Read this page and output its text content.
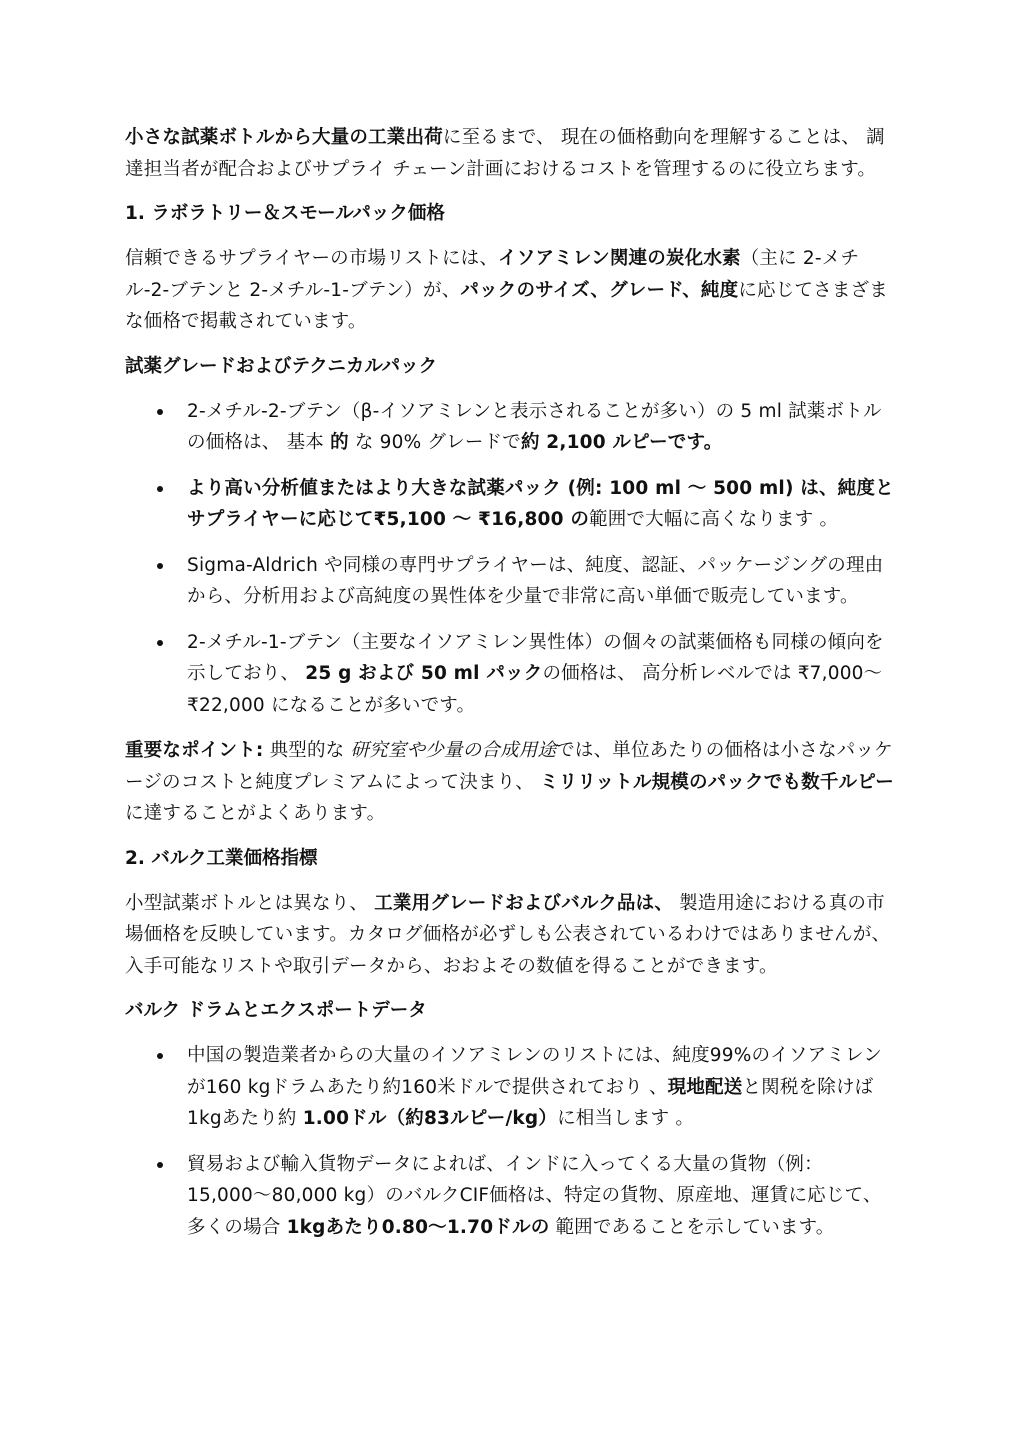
小さな試薬ボトルから大量の工業出荷に至るまで、 現在の価格動向を理解することは、 調達担当者が配合およびサプライ チェーン計画におけるコストを管理するのに役立ちます。

1. ラボラトリー＆スモールパック価格

信頼できるサプライヤーの市場リストには、イソアミレン関連の炭化水素（主に 2-メチル-2-ブテンと 2-メチル-1-ブテン）が、パックのサイズ、グレード、純度に応じてさまざまな価格で掲載されています。

試薬グレードおよびテクニカルパック

2-メチル-2-ブテン（β-イソアミレンと表示されることが多い）の 5 ml 試薬ボトルの価格は、 基本 的 な 90% グレードで約 2,100 ルピーです。
より高い分析値またはより大きな試薬パック (例: 100 ml 〜 500 ml) は、純度とサプライヤーに応じて₹5,100 〜 ₹16,800 の範囲で大幅に高くなります 。
Sigma-Aldrich や同様の専門サプライヤーは、純度、認証、パッケージングの理由から、分析用および高純度の異性体を少量で非常に高い単価で販売しています。
2-メチル-1-ブテン（主要なイソアミレン異性体）の個々の試薬価格も同様の傾向を示しており、 25 g および 50 ml パックの価格は、 高分析レベルでは ₹7,000〜₹22,000 になることが多いです。

重要なポイント: 典型的な 研究室や少量の合成用途では、単位あたりの価格は小さなパッケージのコストと純度プレミアムによって決まり、 ミリリットル規模のパックでも数千ルピーに達することがよくあります。

2. バルク工業価格指標

小型試薬ボトルとは異なり、 工業用グレードおよびバルク品は、 製造用途における真の市場価格を反映しています。カタログ価格が必ずしも公表されているわけではありませんが、入手可能なリストや取引データから、おおよその数値を得ることができます。

バルク ドラムとエクスポートデータ

中国の製造業者からの大量のイソアミレンのリストには、純度99%のイソアミレンが160 kgドラムあたり約160米ドルで提供されており 、現地配送と関税を除けば1kgあたり約 1.00ドル（約83ルピー/kg）に相当します 。
貿易および輸入貨物データによれば、インドに入ってくる大量の貨物（例：15,000〜80,000 kg）のバルクCIF価格は、特定の貨物、原産地、運賃に応じて、多くの場合 1kgあたり0.80〜1.70ドルの 範囲であることを示しています。
